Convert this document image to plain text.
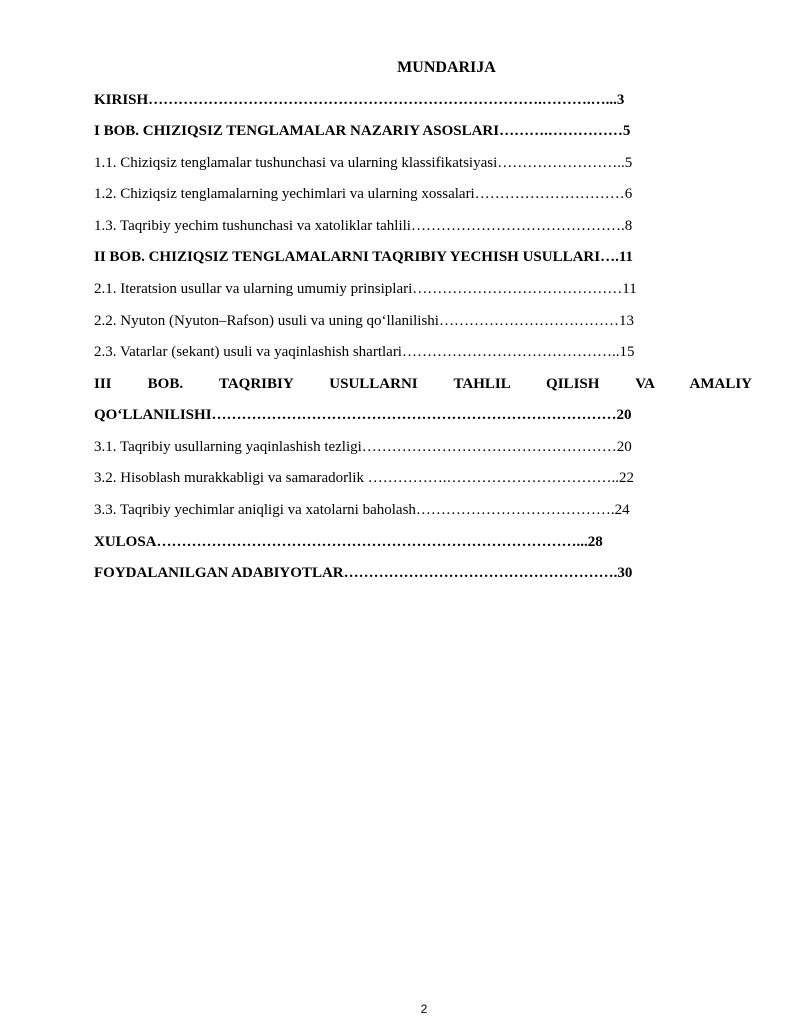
MUNDARIJA
KIRISH…………………………………………………………………….……….…...3
I BOB. CHIZIQSIZ TENGLAMALAR NAZARIY ASOSLARI……….……………5
1.1. Chiziqsiz tenglamalar tushunchasi va ularning klassifikatsiyasi……………………..5
1.2. Chiziqsiz tenglamalarning yechimlari va ularning xossalari…………………………6
1.3. Taqribiy yechim tushunchasi va xatoliklar tahlili…………………………………….8
II BOB. CHIZIQSIZ TENGLAMALARNI TAQRIBIY YECHISH USULLARI….11
2.1. Iteratsion usullar va ularning umumiy prinsiplari……………………………………11
2.2. Nyuton (Nyuton–Rafson) usuli va uning qo‘llanilishi………………………………13
2.3. Vatarlar (sekant) usuli va yaqinlashish shartlari……………………………………..15
III BOB. TAQRIBIY USULLARNI TAHLIL QILISH VA AMALIY
QO‘LLANILISHI………………………………………………………………………20
3.1. Taqribiy usullarning yaqinlashish tezligi……………………………………………20
3.2. Hisoblash murakkabligi va samaradorlik …………….……………………………..22
3.3. Taqribiy yechimlar aniqligi va xatolarni baholash………………………………….24
XULOSA…………………………………………………………………………...28
FOYDALANILGAN ADABIYOTLAR……………………………………………….30
2
